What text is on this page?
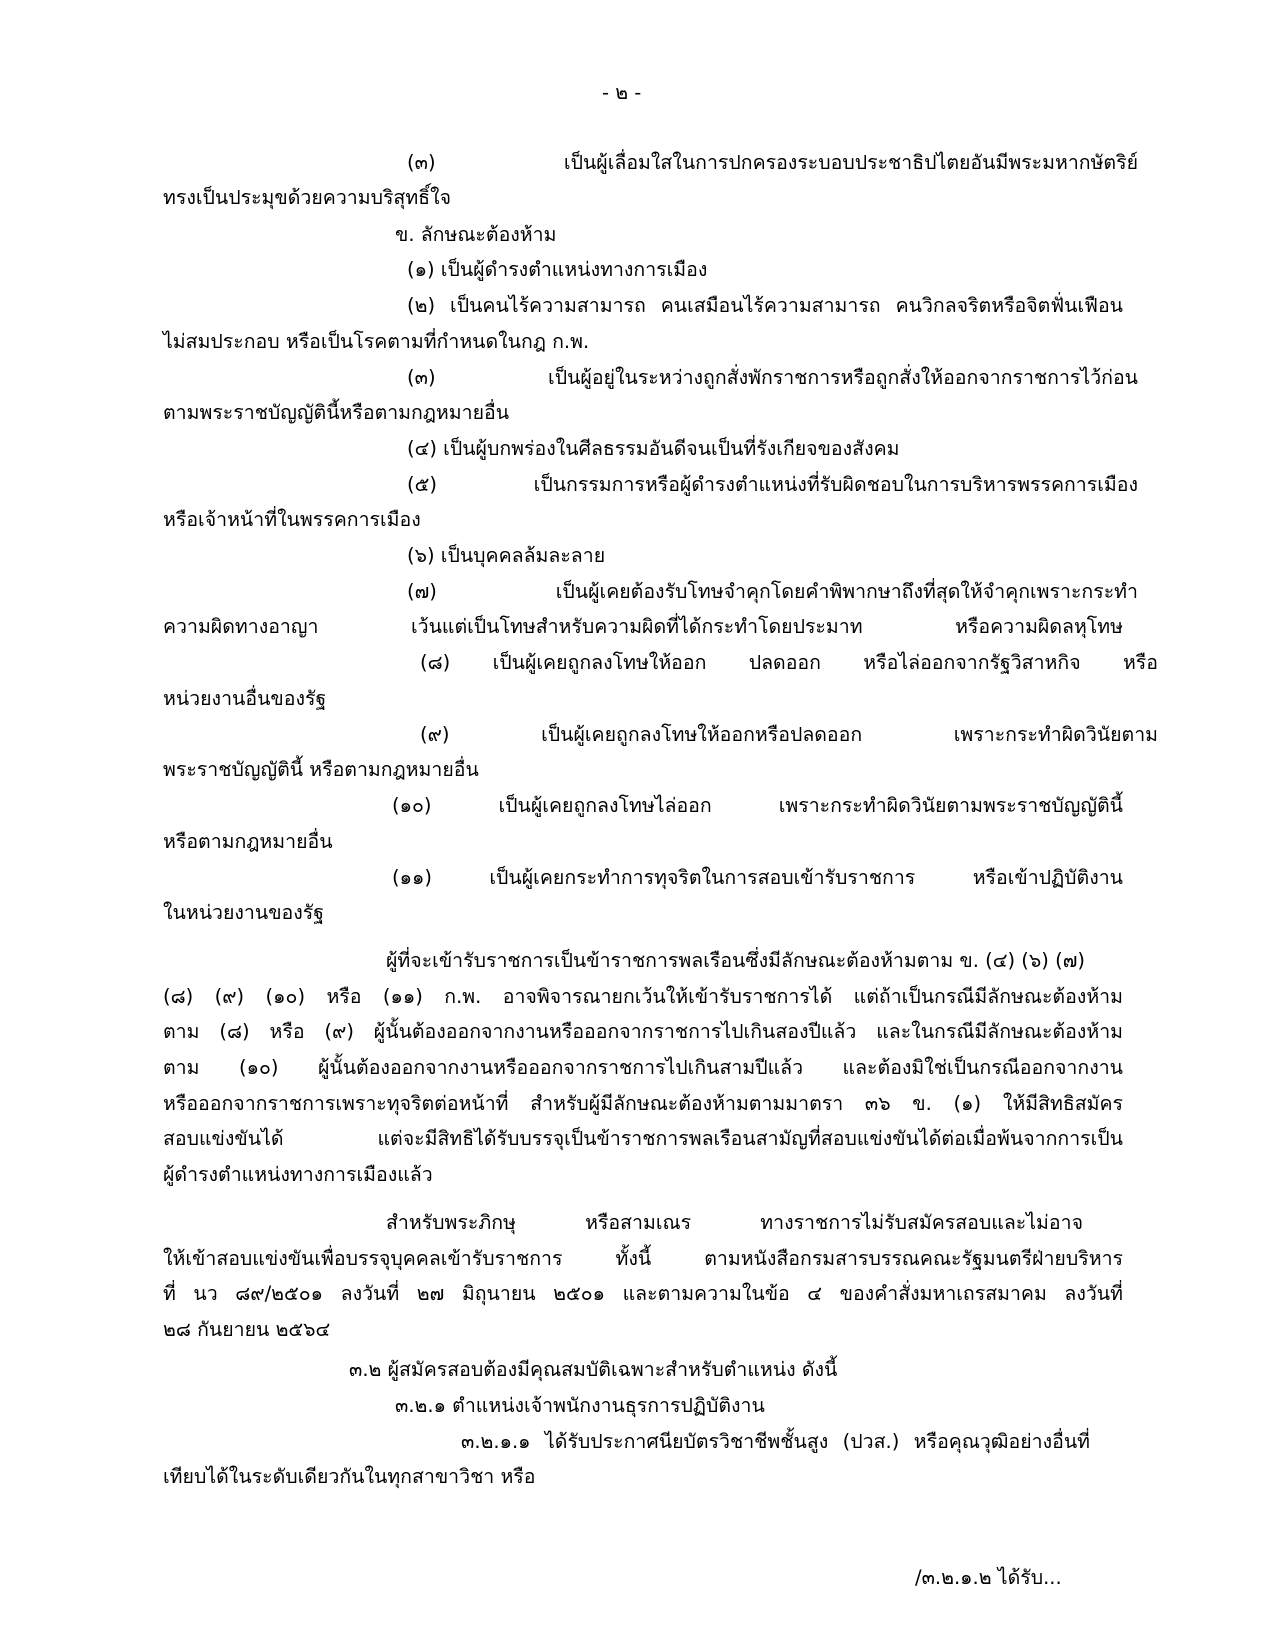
- ๒ -
(๓) เป็นผู้เลื่อมใสในการปกครองระบอบประชาธิปไตยอันมีพระมหากษัตริย์
ทรงเป็นประมุขด้วยความบริสุทธิ์ใจ
ข. ลักษณะต้องห้าม
(๑) เป็นผู้ดำรงตำแหน่งทางการเมือง
(๒) เป็นคนไร้ความสามารถ คนเสมือนไร้ความสามารถ คนวิกลจริตหรือจิตฟั่นเฟือน
ไม่สมประกอบ หรือเป็นโรคตามที่กำหนดในกฎ ก.พ.
(๓) เป็นผู้อยู่ในระหว่างถูกสั่งพักราชการหรือถูกสั่งให้ออกจากราชการไว้ก่อน
ตามพระราชบัญญัตินี้หรือตามกฎหมายอื่น
(๔) เป็นผู้บกพร่องในศีลธรรมอันดีจนเป็นที่รังเกียจของสังคม
(๕) เป็นกรรมการหรือผู้ดำรงตำแหน่งที่รับผิดชอบในการบริหารพรรคการเมือง
หรือเจ้าหน้าที่ในพรรคการเมือง
(๖) เป็นบุคคลล้มละลาย
(๗) เป็นผู้เคยต้องรับโทษจำคุกโดยคำพิพากษาถึงที่สุดให้จำคุกเพราะกระทำ
ความผิดทางอาญา เว้นแต่เป็นโทษสำหรับความผิดที่ได้กระทำโดยประมาท หรือความผิดลหุโทษ
(๘) เป็นผู้เคยถูกลงโทษให้ออก ปลดออก หรือไล่ออกจากรัฐวิสาหกิจ หรือ
หน่วยงานอื่นของรัฐ
(๙) เป็นผู้เคยถูกลงโทษให้ออกหรือปลดออก เพราะกระทำผิดวินัยตาม
พระราชบัญญัตินี้ หรือตามกฎหมายอื่น
(๑๐) เป็นผู้เคยถูกลงโทษไล่ออก เพราะกระทำผิดวินัยตามพระราชบัญญัตินี้
หรือตามกฎหมายอื่น
(๑๑) เป็นผู้เคยกระทำการทุจริตในการสอบเข้ารับราชการ หรือเข้าปฏิบัติงาน
ในหน่วยงานของรัฐ
ผู้ที่จะเข้ารับราชการเป็นข้าราชการพลเรือนซึ่งมีลักษณะต้องห้ามตาม ข. (๔) (๖) (๗)
(๘) (๙) (๑๐) หรือ (๑๑) ก.พ. อาจพิจารณายกเว้นให้เข้ารับราชการได้ แต่ถ้าเป็นกรณีมีลักษณะต้องห้าม
ตาม (๘) หรือ (๙) ผู้นั้นต้องออกจากงานหรือออกจากราชการไปเกินสองปีแล้ว และในกรณีมีลักษณะต้องห้าม
ตาม (๑๐) ผู้นั้นต้องออกจากงานหรือออกจากราชการไปเกินสามปีแล้ว และต้องมิใช่เป็นกรณีออกจากงาน
หรือออกจากราชการเพราะทุจริตต่อหน้าที่ สำหรับผู้มีลักษณะต้องห้ามตามมาตรา ๓๖ ข. (๑) ให้มีสิทธิสมัคร
สอบแข่งขันได้ แต่จะมีสิทธิได้รับบรรจุเป็นข้าราชการพลเรือนสามัญที่สอบแข่งขันได้ต่อเมื่อพ้นจากการเป็น
ผู้ดำรงตำแหน่งทางการเมืองแล้ว
สำหรับพระภิกษุ หรือสามเณร ทางราชการไม่รับสมัครสอบและไม่อาจ
ให้เข้าสอบแข่งขันเพื่อบรรจุบุคคลเข้ารับราชการ ทั้งนี้ ตามหนังสือกรมสารบรรณคณะรัฐมนตรีฝ่ายบริหาร
ที่ นว ๘๙/๒๕๐๑ ลงวันที่ ๒๗ มิถุนายน ๒๕๐๑ และตามความในข้อ ๔ ของคำสั่งมหาเถรสมาคม ลงวันที่
๒๘ กันยายน ๒๕๖๔
๓.๒ ผู้สมัครสอบต้องมีคุณสมบัติเฉพาะสำหรับตำแหน่ง ดังนี้
๓.๒.๑ ตำแหน่งเจ้าพนักงานธุรการปฏิบัติงาน
๓.๒.๑.๑ ได้รับประกาศนียบัตรวิชาชีพชั้นสูง (ปวส.) หรือคุณวุฒิอย่างอื่นที่
เทียบได้ในระดับเดียวกันในทุกสาขาวิชา หรือ
/๓.๒.๑.๒ ได้รับ...
